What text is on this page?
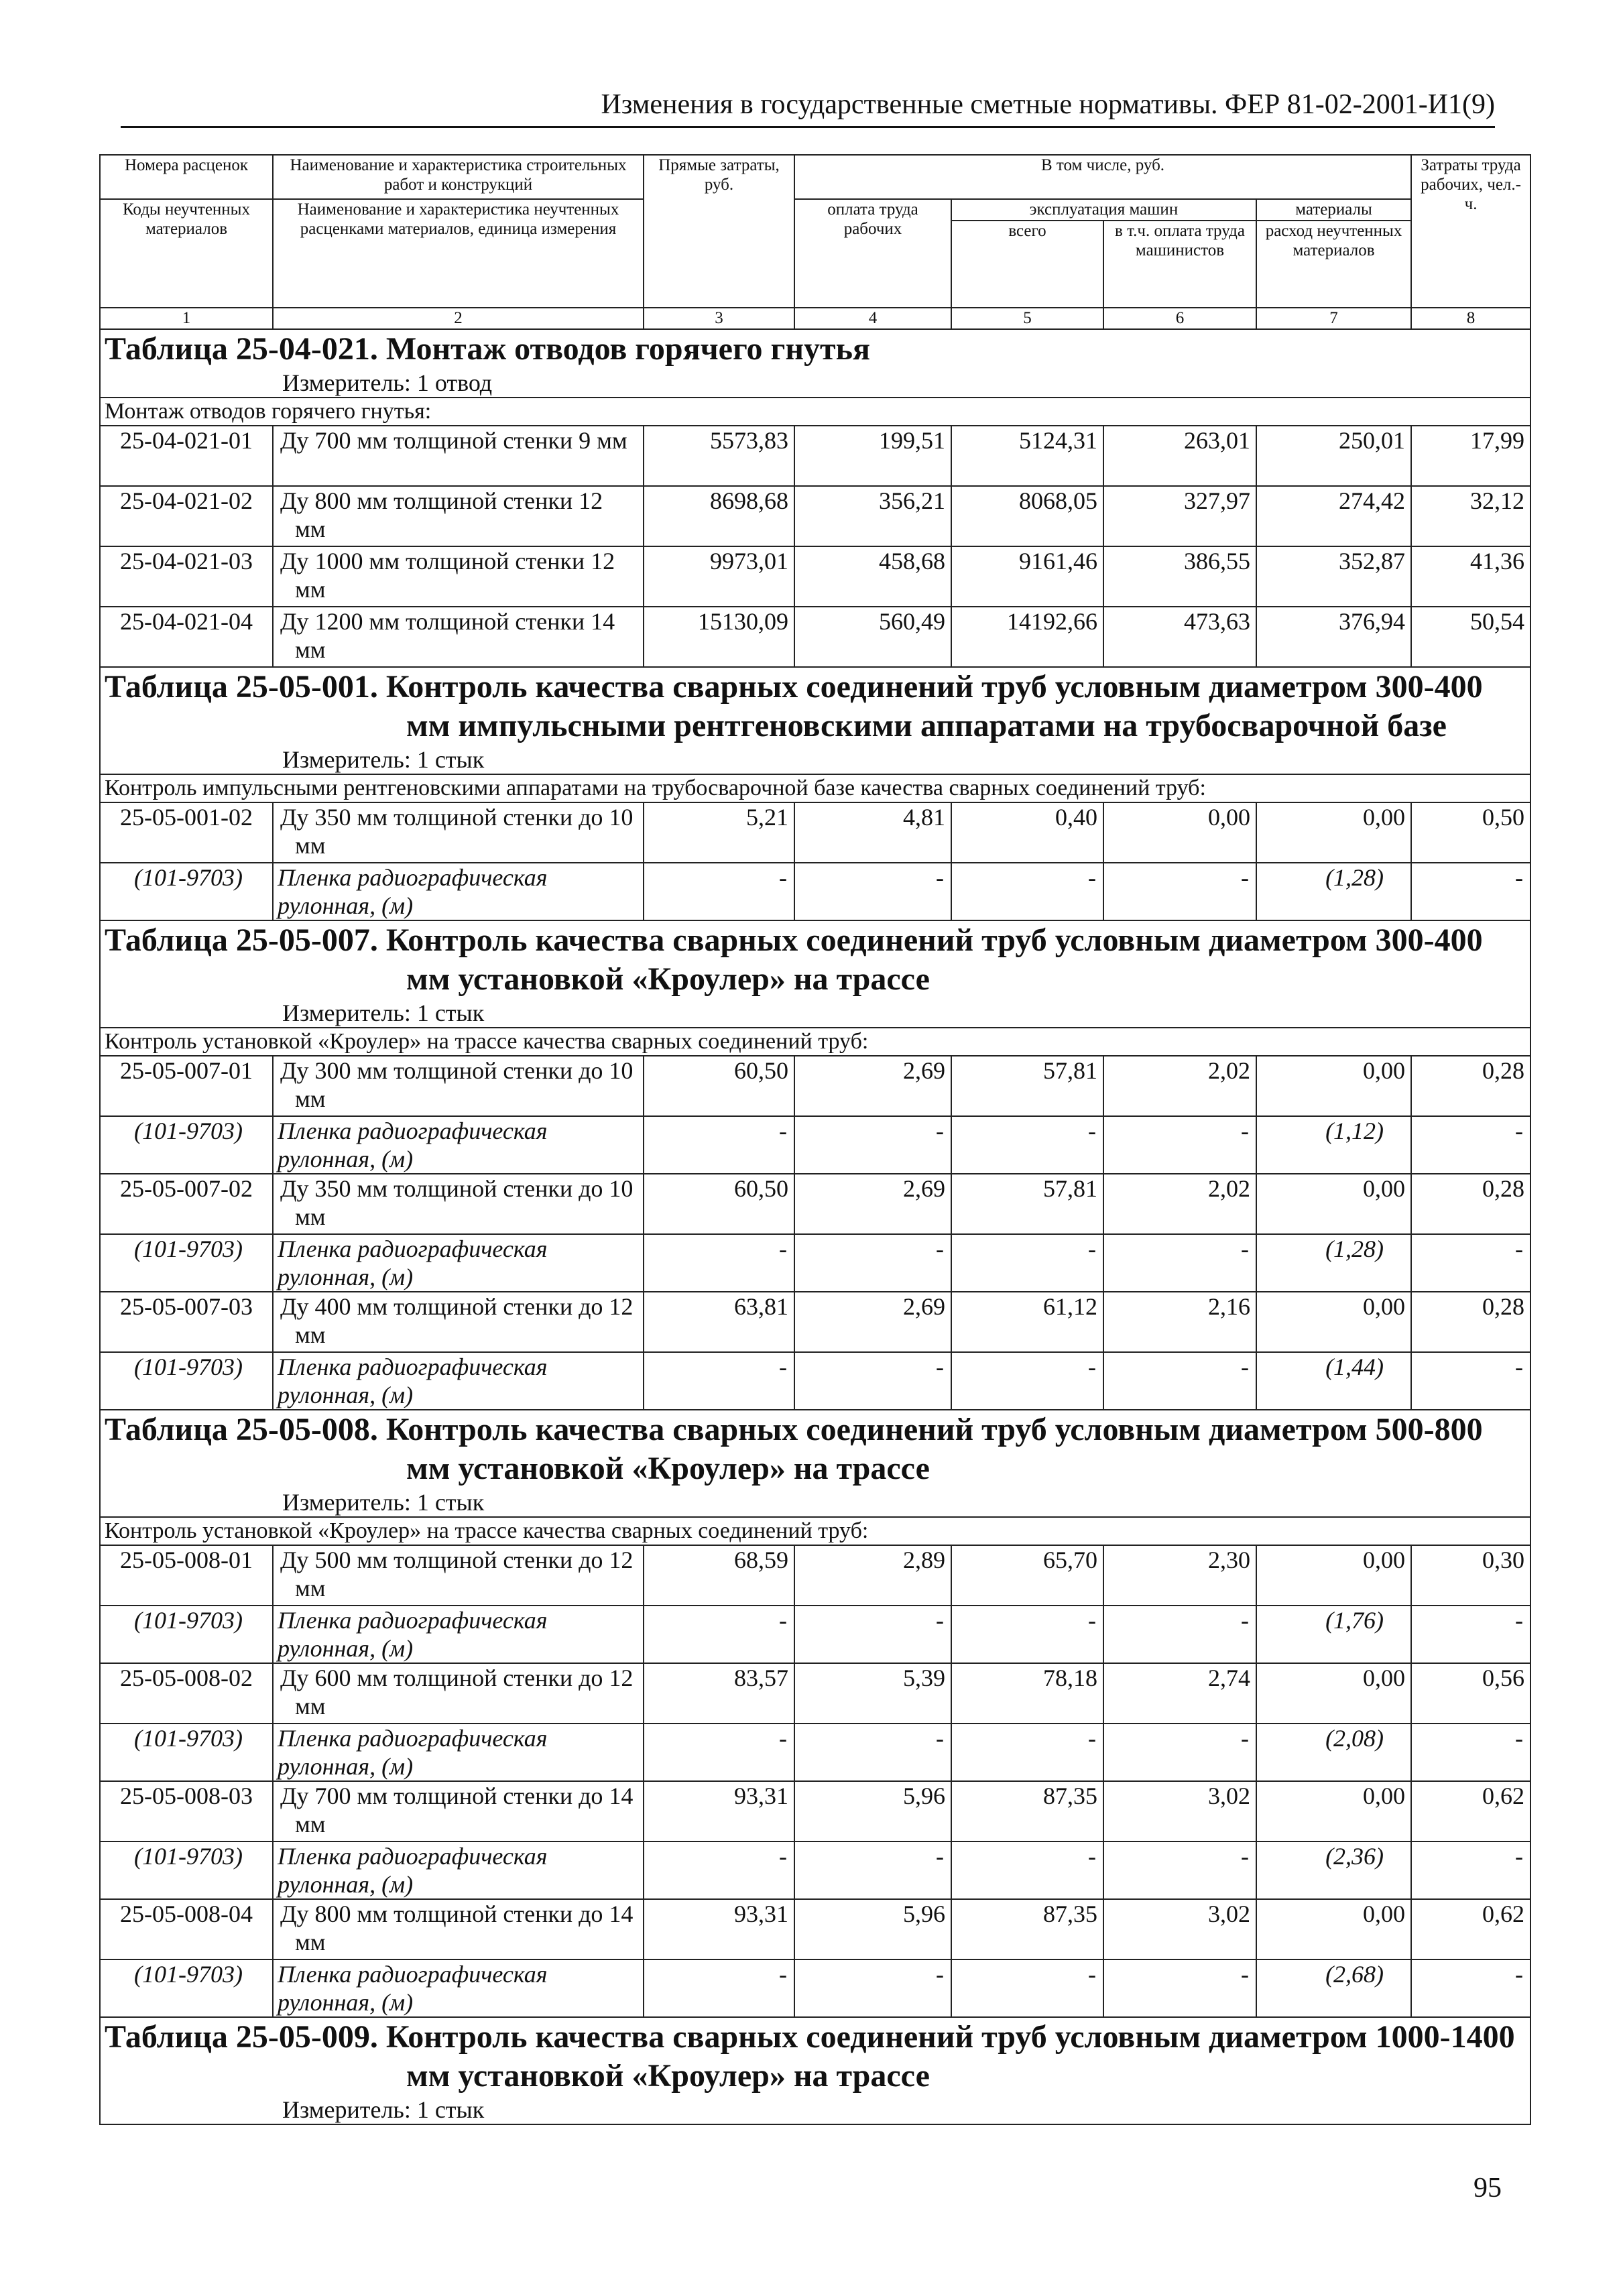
Изменения в государственные сметные нормативы. ФЕР 81-02-2001-И1(9)
Номера расценок	Наименование и характеристика строительных работ и конструкций	Прямые затраты, руб.	В том числе, руб.				Затраты труда рабочих, чел.-ч.
Коды неучтенных материалов	Наименование и характеристика неучтенных расценками материалов, единица измерения		оплата труда рабочих	эксплуатация машин		материалы	
				всего	в т.ч. оплата труда машинистов	расход неучтенных материалов	
1	2	3	4	5	6	7	8

Таблица 25-04-021. Монтаж отводов горячего гнутья
Измеритель: 1 отвод							

Монтаж отводов горячего гнутья:							
25-04-021-01	Ду 700 мм толщиной стенки 9 мм	5573,83	199,51	5124,31	263,01	250,01	17,99
25-04-021-02	Ду 800 мм толщиной стенки 12 мм	8698,68	356,21	8068,05	327,97	274,42	32,12
25-04-021-03	Ду 1000 мм толщиной стенки 12 мм	9973,01	458,68	9161,46	386,55	352,87	41,36
25-04-021-04	Ду 1200 мм толщиной стенки 14 мм	15130,09	560,49	14192,66	473,63	376,94	50,54

Таблица 25-05-001. Контроль качества сварных соединений труб условным диаметром 300-400 мм импульсными рентгеновскими аппаратами на трубосварочной базе
Измеритель: 1 стык							

Контроль импульсными рентгеновскими аппаратами на трубосварочной базе качества сварных соединений труб:							
25-05-001-02	Ду 350 мм толщиной стенки до 10 мм	5,21	4,81	0,40	0,00	0,00	0,50
(101-9703)	Пленка радиографическая рулонная, (м)	-	-	-	-	(1,28)	-

Таблица 25-05-007. Контроль качества сварных соединений труб условным диаметром 300-400 мм установкой «Кроулер» на трассе
Измеритель: 1 стык							

Контроль установкой «Кроулер» на трассе качества сварных соединений труб:							
25-05-007-01	Ду 300 мм толщиной стенки до 10 мм	60,50	2,69	57,81	2,02	0,00	0,28
(101-9703)	Пленка радиографическая рулонная, (м)	-	-	-	-	(1,12)	-
25-05-007-02	Ду 350 мм толщиной стенки до 10 мм	60,50	2,69	57,81	2,02	0,00	0,28
(101-9703)	Пленка радиографическая рулонная, (м)	-	-	-	-	(1,28)	-
25-05-007-03	Ду 400 мм толщиной стенки до 12 мм	63,81	2,69	61,12	2,16	0,00	0,28
(101-9703)	Пленка радиографическая рулонная, (м)	-	-	-	-	(1,44)	-

Таблица 25-05-008. Контроль качества сварных соединений труб условным диаметром 500-800 мм установкой «Кроулер» на трассе
Измеритель: 1 стык							

Контроль установкой «Кроулер» на трассе качества сварных соединений труб:							
25-05-008-01	Ду 500 мм толщиной стенки до 12 мм	68,59	2,89	65,70	2,30	0,00	0,30
(101-9703)	Пленка радиографическая рулонная, (м)	-	-	-	-	(1,76)	-
25-05-008-02	Ду 600 мм толщиной стенки до 12 мм	83,57	5,39	78,18	2,74	0,00	0,56
(101-9703)	Пленка радиографическая рулонная, (м)	-	-	-	-	(2,08)	-
25-05-008-03	Ду 700 мм толщиной стенки до 14 мм	93,31	5,96	87,35	3,02	0,00	0,62
(101-9703)	Пленка радиографическая рулонная, (м)	-	-	-	-	(2,36)	-
25-05-008-04	Ду 800 мм толщиной стенки до 14 мм	93,31	5,96	87,35	3,02	0,00	0,62
(101-9703)	Пленка радиографическая рулонная, (м)	-	-	-	-	(2,68)	-

Таблица 25-05-009. Контроль качества сварных соединений труб условным диаметром 1000-1400 мм установкой «Кроулер» на трассе
Измеритель: 1 стык							
95
